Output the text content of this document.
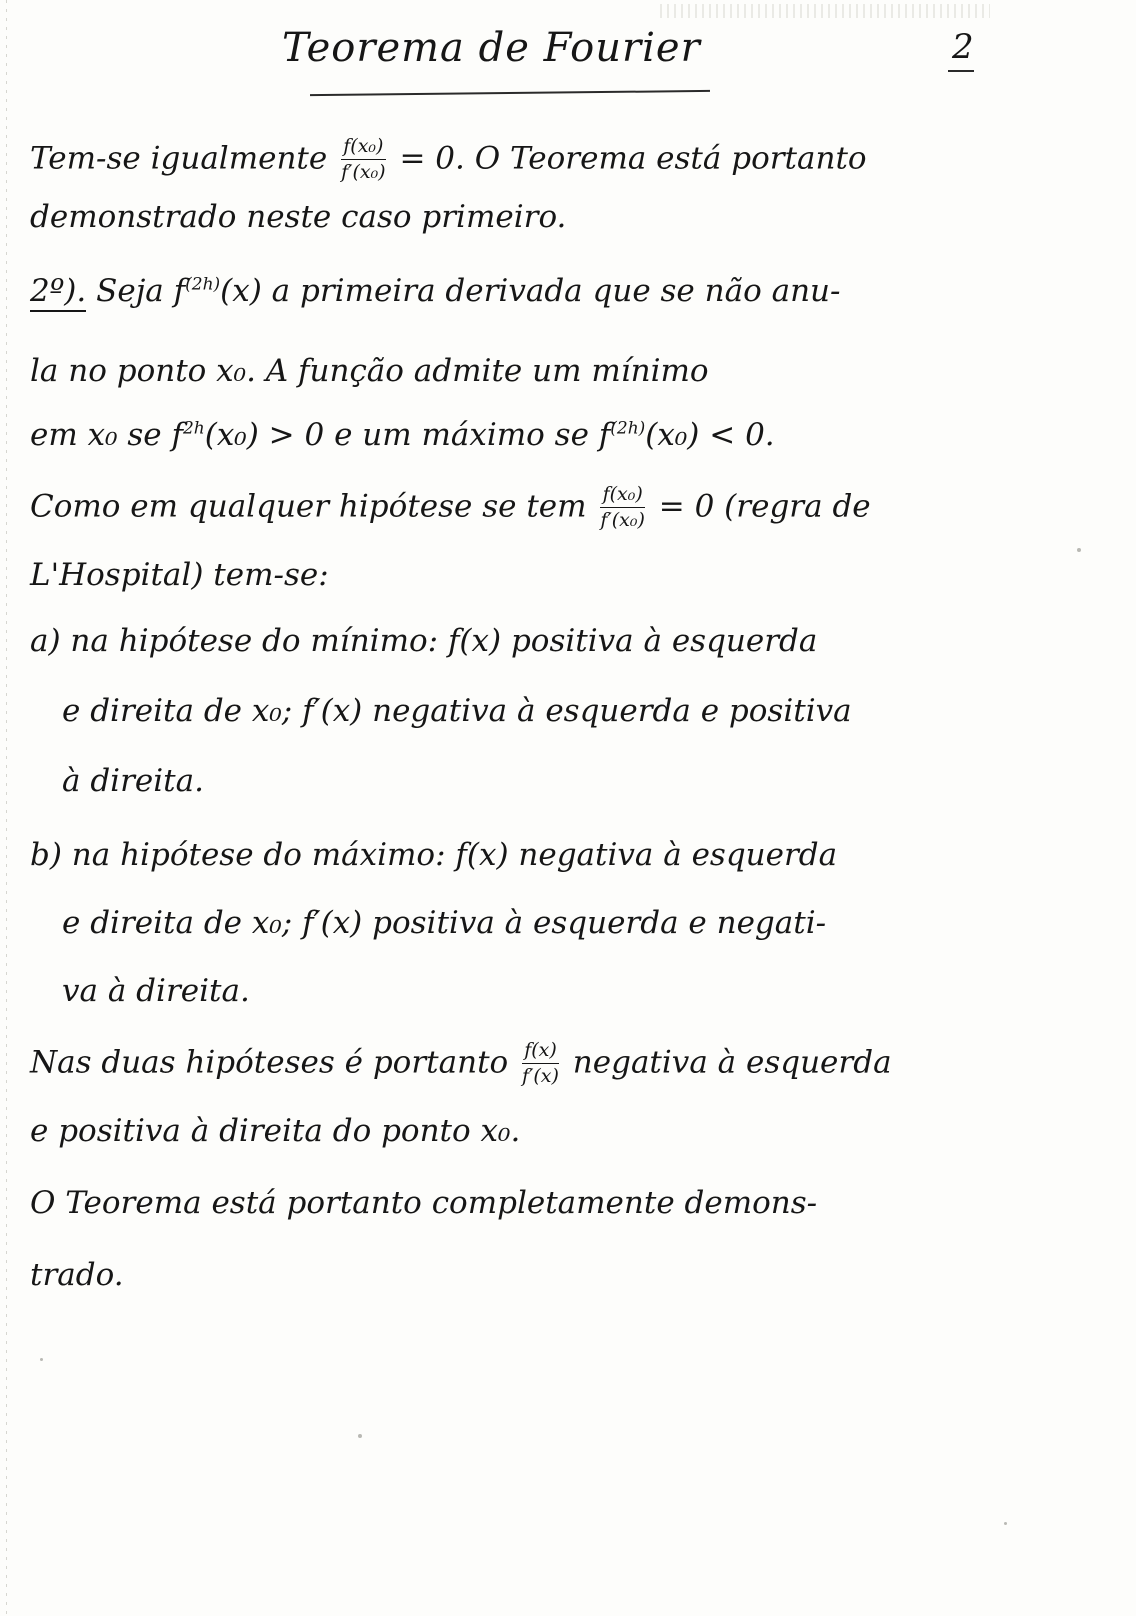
Teorema de Fourier	2
Tem-se igualmente $\frac{\text{f(x₀)}}{\text{f′(x₀)}} = 0$. O Teorema está portanto
demonstrado neste caso primeiro.
2º). Seja $f^{(2h)}(x)$ a primeira derivada que se não anu-
la no ponto x₀. A função admite um mínimo
em x₀ se $f^{2h}(x_0) > 0$ e um máximo se $f^{(2h)}(x_0) < 0$.
Como em qualquer hipótese se tem $\frac{\text{f(x₀)}}{\text{f′(x₀)}} = 0$ (regra de
L'Hospital) tem-se:
a) na hipótese do mínimo: f(x) positiva à esquerda
e direita de x₀; f′(x) negativa à esquerda e positiva
à direita.
b) na hipótese do máximo: f(x) negativa à esquerda
e direita de x₀; f′(x) positiva à esquerda e negati-
va à direita.
Nas duas hipóteses é portanto $\frac{f(x)}{f'(x)}$ negativa à esquerda
e positiva à direita do ponto x₀.
O Teorema está portanto completamente demons-
trado.
